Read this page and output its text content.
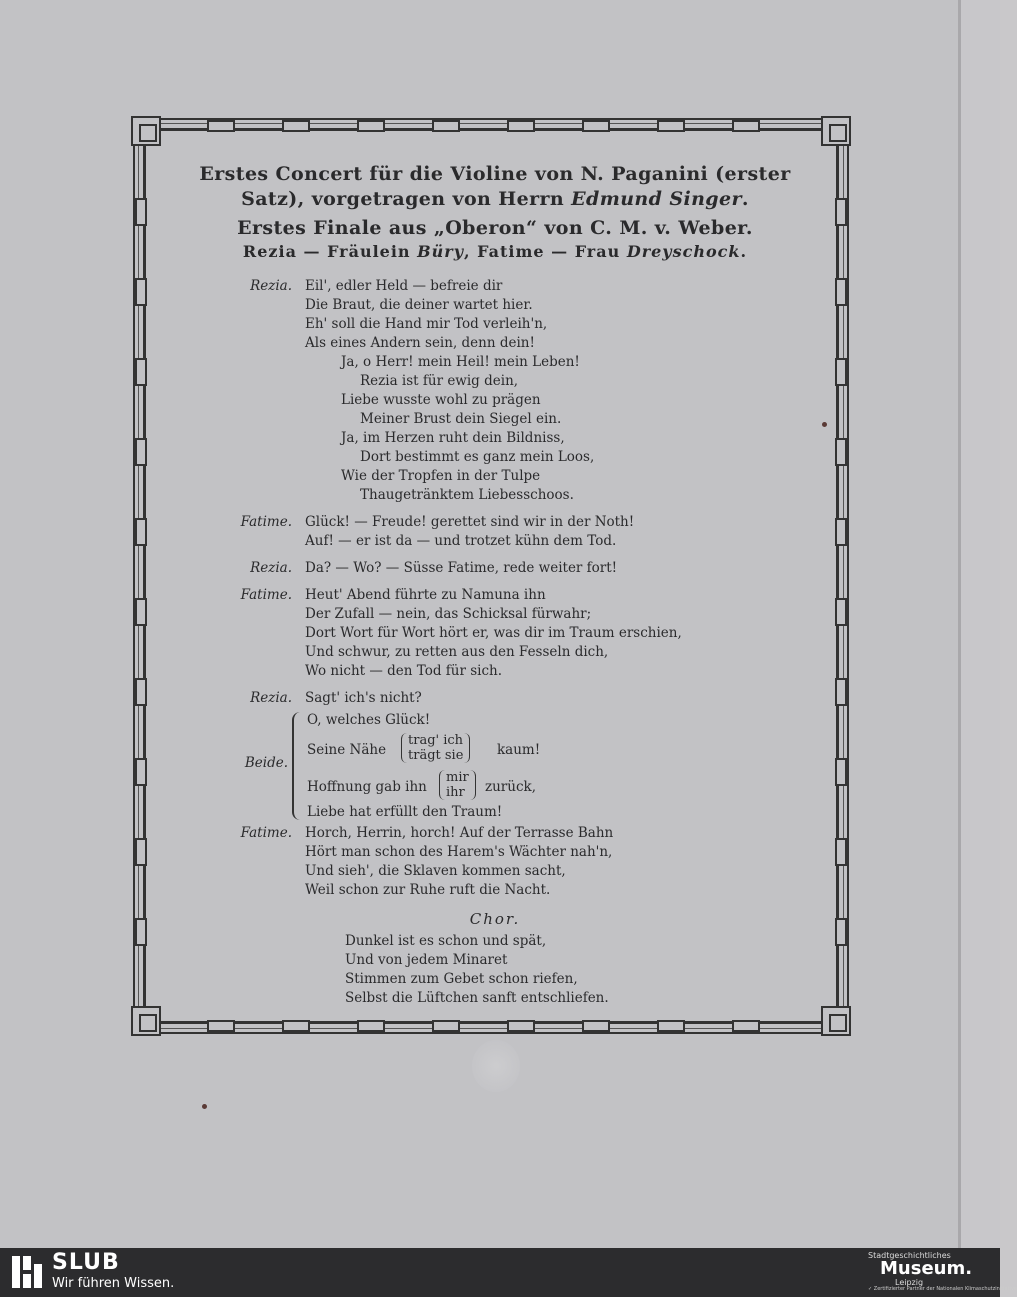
Erstes Concert für die Violine von N. Paganini (erster
Satz), vorgetragen von Herrn Edmund Singer.

Erstes Finale aus „Oberon“ von C. M. v. Weber.

Rezia — Fräulein Büry, Fatime — Frau Dreyschock.

Rezia. Eil', edler Held — befreie dir
Die Braut, die deiner wartet hier.
Eh' soll die Hand mir Tod verleih'n,
Als eines Andern sein, denn dein!
Ja, o Herr! mein Heil! mein Leben!
Rezia ist für ewig dein,
Liebe wusste wohl zu prägen
Meiner Brust dein Siegel ein.
Ja, im Herzen ruht dein Bildniss,
Dort bestimmt es ganz mein Loos,
Wie der Tropfen in der Tulpe
Thaugetränktem Liebesschoos.
Fatime. Glück! — Freude! gerettet sind wir in der Noth!
Auf! — er ist da — und trotzet kühn dem Tod.
Rezia. Da? — Wo? — Süsse Fatime, rede weiter fort!
Fatime. Heut' Abend führte zu Namuna ihn
Der Zufall — nein, das Schicksal fürwahr;
Dort Wort für Wort hört er, was dir im Traum erschien,
Und schwur, zu retten aus den Fesseln dich,
Wo nicht — den Tod für sich.
Rezia. Sagt' ich's nicht?
Beide.
O, welches Glück!
Seine Nähe
trag' ich
trägt sie	kaum!
Hoffnung gab ihn
mir
ihr	zurück,
Liebe hat erfüllt den Traum!
Fatime. Horch, Herrin, horch! Auf der Terrasse Bahn
Hört man schon des Harem's Wächter nah'n,
Und sieh', die Sklaven kommen sacht,
Weil schon zur Ruhe ruft die Nacht.
Chor.
Dunkel ist es schon und spät,
Und von jedem Minaret
Stimmen zum Gebet schon riefen,
Selbst die Lüftchen sanft entschliefen.
SLUB
Wir führen Wissen.
Stadtgeschichtliches
Museum.
Leipzig
✓ Zertifizierter Partner der Nationalen Klimaschutzinitiative
